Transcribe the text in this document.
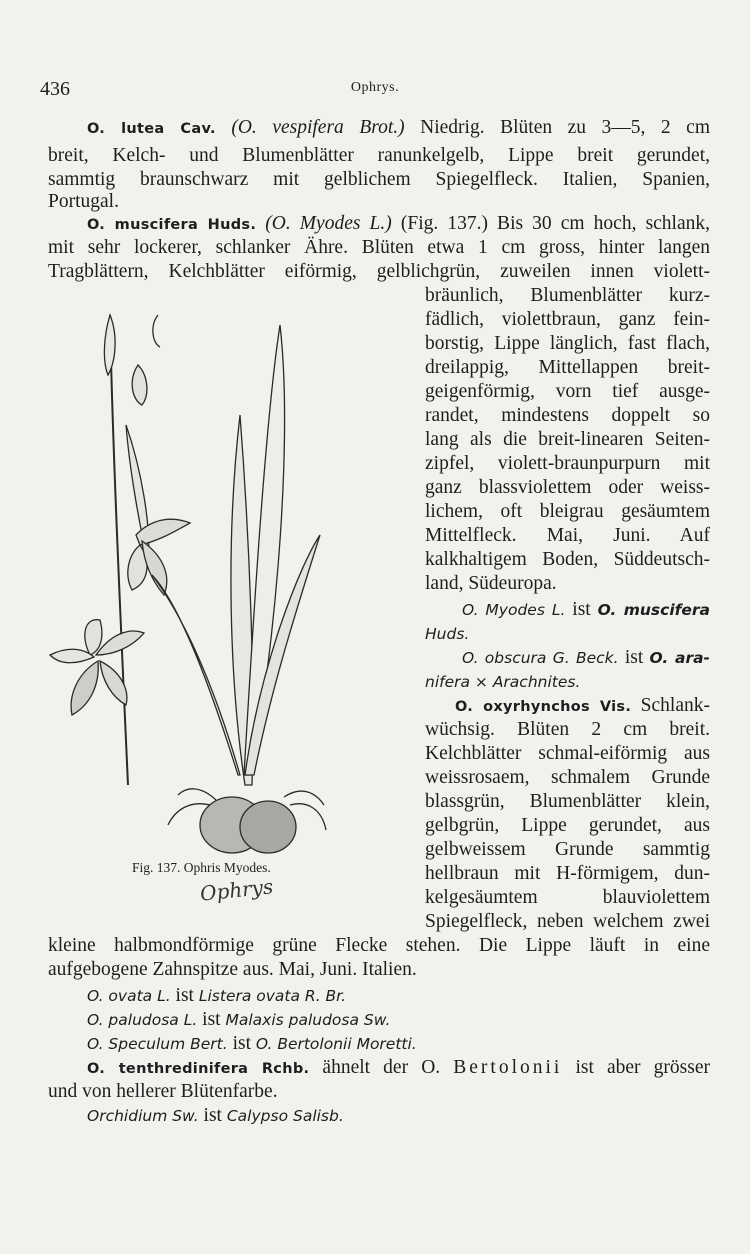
436	Ophrys.
O. lutea Cav. (O. vespifera Brot.) Niedrig. Blüten zu 3—5, 2 cm
breit, Kelch- und Blumenblätter ranunkelgelb, Lippe breit gerundet,
sammtig braunschwarz mit gelblichem Spiegelfleck. Italien, Spanien,
Portugal.
O. muscifera Huds. (O. Myodes L.) (Fig. 137.) Bis 30 cm hoch, schlank,
mit sehr lockerer, schlanker Ähre. Blüten etwa 1 cm gross, hinter langen
Tragblättern, Kelchblätter eiförmig, gelblichgrün, zuweilen innen violett-
bräunlich, Blumenblätter kurz-
fädlich, violettbraun, ganz fein-
borstig, Lippe länglich, fast flach,
dreilappig, Mittellappen breit-
geigenförmig, vorn tief ausge-
randet, mindestens doppelt so
lang als die breit-linearen Seiten-
zipfel, violett-braunpurpurn mit
ganz blassviolettem oder weiss-
lichem, oft bleigrau gesäumtem
Mittelfleck. Mai, Juni. Auf
kalkhaltigem Boden, Süddeutsch-
land, Südeuropa.
O. Myodes L. ist O. muscifera
Huds.
O. obscura G. Beck. ist O. ara-
nifera × Arachnites.
O. oxyrhynchos Vis. Schlank-
wüchsig. Blüten 2 cm breit.
Kelchblätter schmal-eiförmig aus
weissrosaem, schmalem Grunde
blassgrün, Blumenblätter klein,
gelbgrün, Lippe gerundet, aus
gelbweissem Grunde sammtig
hellbraun mit H-förmigem, dun-
kelgesäumtem blauviolettem
Spiegelfleck, neben welchem zwei
kleine halbmondförmige grüne Flecke stehen. Die Lippe läuft in eine
aufgebogene Zahnspitze aus. Mai, Juni. Italien.
O. ovata L. ist Listera ovata R. Br.
O. paludosa L. ist Malaxis paludosa Sw.
O. Speculum Bert. ist O. Bertolonii Moretti.
O. tenthredinifera Rchb. ähnelt der O. Bertolonii ist aber grösser
und von hellerer Blütenfarbe.
Orchidium Sw. ist Calypso Salisb.
Fig. 137. Ophris Myodes.
Ophrys
